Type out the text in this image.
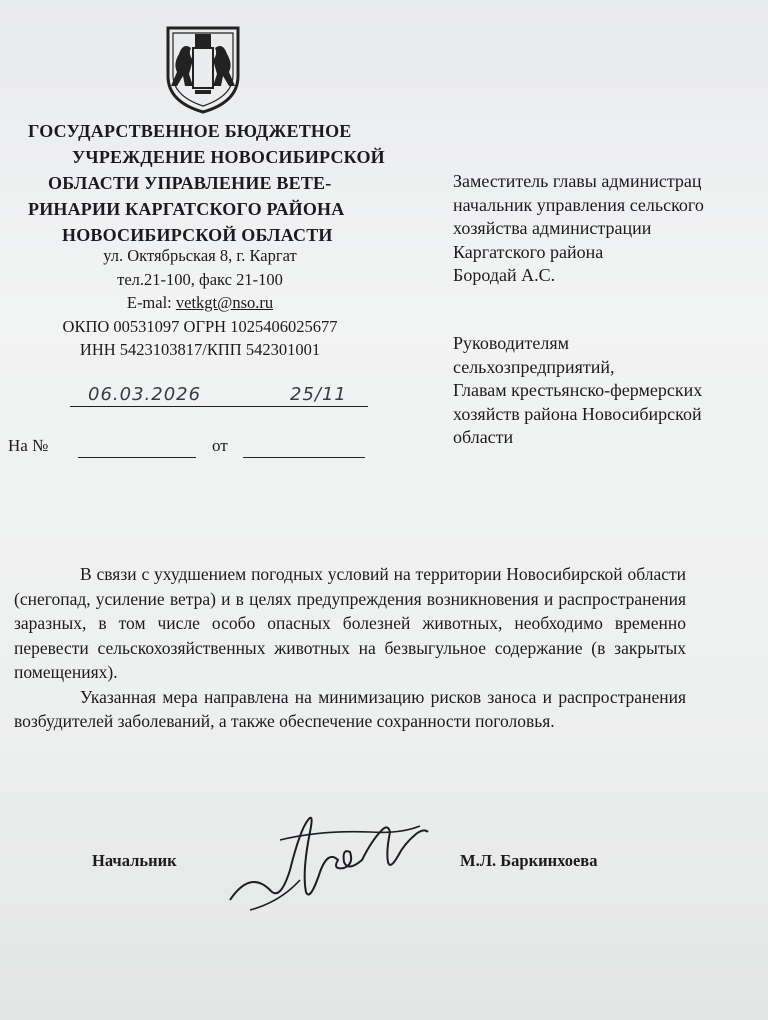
ГОСУДАРСТВЕННОЕ БЮДЖЕТНОЕ
УЧРЕЖДЕНИЕ НОВОСИБИРСКОЙ
ОБЛАСТИ УПРАВЛЕНИЕ ВЕТЕ-
РИНАРИИ КАРГАТСКОГО РАЙОНА
НОВОСИБИРСКОЙ ОБЛАСТИ
ул. Октябрьская 8, г. Каргат
тел.21-100, факс 21-100
E-mal: vetkgt@nso.ru
ОКПО 00531097 ОГРН 1025406025677
ИНН 5423103817/КПП 542301001
06.03.2026	25/11
На №	от
Заместитель главы администрац
начальник управления сельского
хозяйства администрации
Каргатского района
Бородай А.С.
Руководителям
сельхозпредприятий,
Главам крестьянско-фермерских
хозяйств района Новосибирской
области

В связи с ухудшением погодных условий на территории Новосибирской области (снегопад, усиление ветра) и в целях предупреждения возникновения и распространения заразных, в том числе особо опасных болезней животных, необходимо временно перевести сельскохозяйственных животных на безвыгульное содержание (в закрытых помещениях).

Указанная мера направлена на минимизацию рисков заноса и распространения возбудителей заболеваний, а также обеспечение сохранности поголовья.

Начальник	М.Л. Баркинхоева
